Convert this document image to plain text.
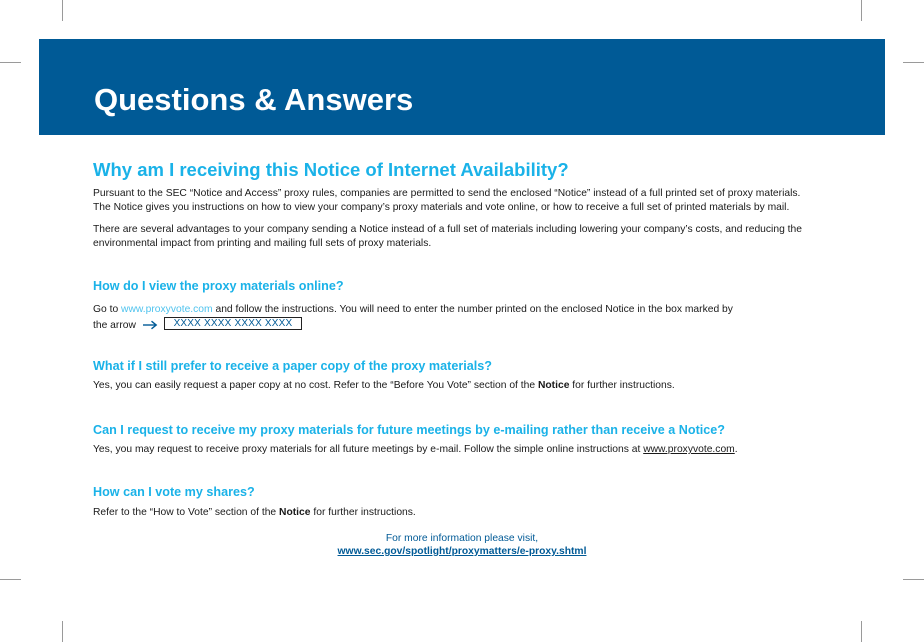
Questions & Answers
Why am I receiving this Notice of Internet Availability?

Pursuant to the SEC “Notice and Access” proxy rules, companies are permitted to send the enclosed “Notice” instead of a full printed set of proxy materials.
The Notice gives you instructions on how to view your company’s proxy materials and vote online, or how to receive a full set of printed materials by mail.

There are several advantages to your company sending a Notice instead of a full set of materials including lowering your company’s costs, and reducing the
environmental impact from printing and mailing full sets of proxy materials.

How do I view the proxy materials online?

Go to www.proxyvote.com and follow the instructions. You will need to enter the number printed on the enclosed Notice in the box marked by

the arrow	XXXX XXXX XXXX XXXX
What if I still prefer to receive a paper copy of the proxy materials?

Yes, you can easily request a paper copy at no cost. Refer to the “Before You Vote” section of the Notice for further instructions.

Can I request to receive my proxy materials for future meetings by e-mailing rather than receive a Notice?

Yes, you may request to receive proxy materials for all future meetings by e-mail. Follow the simple online instructions at www.proxyvote.com.

How can I vote my shares?

Refer to the “How to Vote” section of the Notice for further instructions.

For more information please visit,
www.sec.gov/spotlight/proxymatters/e-proxy.shtml
